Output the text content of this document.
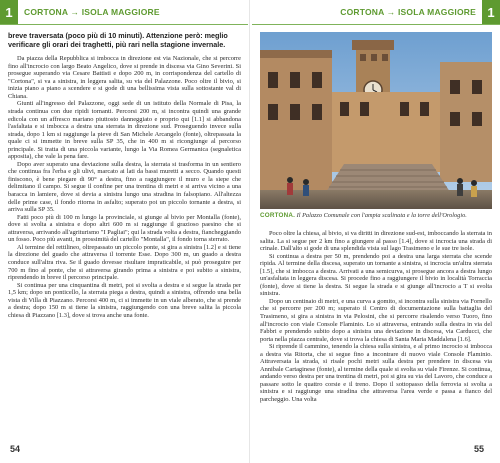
1	CORTONA → ISOLA MAGGIORE

breve traversata (poco più di 10 minuti). Attenzione però: meglio verificare gli orari dei traghetti, più rari nella stagione invernale.

Da piazza della Repubblica si imbocca in direzione est via Nazionale, che si percorre fino all'incrocio con largo Beato Angelico, dove si prende in discesa via Gino Severini. Si prosegue superando via Cesare Battisti e dopo 200 m, in corrispondenza del cartello di "Cortona", si va a sinistra, in leggera salita, su via del Palazzone. Poco oltre il bivio, si inizia piano a piano a scendere e si gode di una bellissima vista sulla sottostante val di Chiana.

Giunti all'ingresso del Palazzone, oggi sede di un istituto della Normale di Pisa, la strada continua con due ripidi tornanti. Percorsi 200 m, si incontra quindi una grande edicola con un affresco mariano piuttosto danneggiato e proprio qui [1.1] si abbandona l'asfaltata e si imbocca a destra una sterrata in direzione sud. Proseguendo invece sulla strada, dopo 1 km si raggiunge la pieve di San Michele Arcangelo (fonte), oltrepassata la quale ci si immette in breve sulla SP 35, che in 400 m si ricongiunge al percorso principale. Si tratta di una piccola variante, lungo la Via Romea Germanica (segnaletica apposita), che vale la pena fare.

Dopo aver superato una deviazione sulla destra, la sterrata si trasforma in un sentiero che continua fra l'erba e gli ulivi, marcato ai lati da bassi muretti a secco. Quando questi finiscono, è bene piegare di 90° a destra, fino a raggiungere il muro e la siepe che delimitano il campo. Si segue il confine per una trentina di metri e si arriva vicino a una baracca in lamiere, dove si devia a sinistra lungo una stradina in falsopiano. All'altezza delle prime case, il fondo ritorna in asfalto; superato poi un piccolo tornante a destra, si arriva sulla SP 35.

Fatti poco più di 100 m lungo la provinciale, si giunge al bivio per Montalla (fonte), dove si svolta a sinistra e dopo altri 600 m si raggiunge il grazioso paesino che si attraversa, arrivando all'agriturismo "I Pagliai"; qui la strada volta a destra, fiancheggiando un fosso. Poco più avanti, in prossimità del cartello "Montalla", il fondo torna sterrato.

Al termine del rettilineo, oltrepassato un piccolo ponte, si gira a sinistra [1.2] e si tiene la direzione del guado che attraversa il torrente Esse. Dopo 300 m, un guado a destra conduce sull'altra riva. Se il guado dovesse risultare impraticabile, si può proseguire per 700 m fino al ponte, che si attraversa girando prima a sinistra e poi subito a sinistra, riprendendo in breve il percorso principale.

Si continua per una cinquantina di metri, poi si svolta a destra e si segue la strada per 1,5 km; dopo un ponticello, la sterrata piega a destra, quindi a sinistra, offrendo una bella vista di Villa di Piazzano. Percorsi 400 m, ci si immette in un viale alberato, che si prende a destra; dopo 150 m si tiene la sinistra, raggiungendo con una breve salita la piccola chiesa di Piazzano [1.3], dove si trova anche una fonte.

54
CORTONA → ISOLA MAGGIORE 1
CORTONA. Il Palazzo Comunale con l'ampia scalinata e la torre dell'Orologio.

Poco oltre la chiesa, al bivio, si va diritti in direzione sud-est, imboccando la sterrata in salita. La si segue per 2 km fino a giungere al passo [1.4], dove si incrocia una strada di crinale. Dall'alto si gode di una splendida vista sul lago Trasimeno e le sue tre isole.

Si continua a destra per 50 m, prendendo poi a destra una larga sterrata che scende ripida. Al termine della discesa, superato un tornante a sinistra, si incrocia un'altra sterrata [1.5], che si imbocca a destra. Arrivati a una semicurva, si prosegue ancora a destra lungo un'asfaltata in leggera discesa. Si procede fino a raggiungere il bivio in località Torraccia (fonte), dove si tiene la destra. Si segue la strada e si giunge all'incrocio a T si svolta sinistra.

Dopo un centinaio di metri, e una curva a gomito, si incontra sulla sinistra via Fornello che si percorre per 200 m; superato il Centro di documentazione sulla battaglia del Trasimeno, si gira a sinistra in via Pelosini, che si percorre risalendo verso Tuoro, fino all'incrocio con viale Console Flaminio. Lo si attraversa, entrando sulla destra in via del Fabbri e prendendo subito dopo a sinistra una deviazione in discesa, via Carducci, che porta nella piazza centrale, dove si trova la chiesa di Santa Maria Maddalena [1.6].

Si riprende il cammino, tenendo la chiesa sulla sinistra, e al primo incrocio si imbocca a destra via Ritorta, che si segue fino a incontrare di nuovo viale Console Flaminio. Attraversata la strada, si risale pochi metri sulla destra per prendere in discesa via Annibale Cartaginese (fonte), al termine della quale si svolta su viale Firenze. Si continua, andando verso destra per una trentina di metri, poi si gira su via del Lavoro, che conduce a passare sotto le quattro corsie e il treno. Dopo il sottopasso della ferrovia si svolta a sinistra e si raggiunge una stradina che attraversa l'area verde e passa a fianco del parcheggio. Una volta

55
